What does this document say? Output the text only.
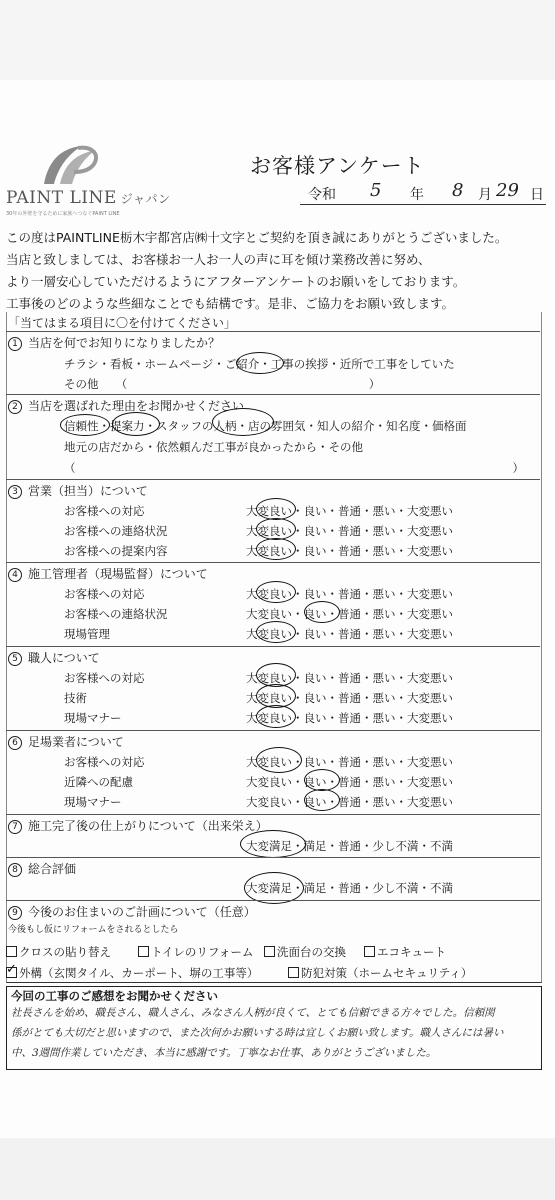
PAINT LINE ジャパン
30年の外壁を守るために家族へつなぐPAINT LINE
お客様アンケート
令和 5 年 8 月 29 日
この度はPAINTLINE栃木宇都宮店㈱十文字とご契約を頂き誠にありがとうございました。
当店と致しましては、お客様お一人お一人の声に耳を傾け業務改善に努め、
より一層安心していただけるようにアフターアンケートのお願いをしております。
工事後のどのような些細なことでも結構です。是非、ご協力をお願い致します。
「当てはまる項目に〇を付けてください」
1 当店を何でお知りになりましたか？
チラシ・看板・ホームページ・ご紹介・工事の挨拶・近所で工事をしていた
その他　　（　　　　　　　　　　　　　　　　　　　　　）
2 当店を選ばれた理由をお聞かせください
信頼性・提案力・スタッフの人柄・店の雰囲気・知人の紹介・知名度・価格面
地元の店だから・依然頼んだ工事が良かったから・その他
（　　　　　　　　　　　　　　　　　　　　　　　　　　　　　　　　　　　　　　）
3 営業（担当）について
お客様への対応	大変良い・良い・普通・悪い・大変悪い
お客様への連絡状況	大変良い・良い・普通・悪い・大変悪い
お客様への提案内容	大変良い・良い・普通・悪い・大変悪い
4 施工管理者（現場監督）について
お客様への対応	大変良い・良い・普通・悪い・大変悪い
お客様への連絡状況	大変良い・良い・普通・悪い・大変悪い
現場管理	大変良い・良い・普通・悪い・大変悪い
5 職人について
お客様への対応	大変良い・良い・普通・悪い・大変悪い
技術	大変良い・良い・普通・悪い・大変悪い
現場マナー	大変良い・良い・普通・悪い・大変悪い
6 足場業者について
お客様への対応	大変良い・良い・普通・悪い・大変悪い
近隣への配慮	大変良い・良い・普通・悪い・大変悪い
現場マナー	大変良い・良い・普通・悪い・大変悪い
7 施工完了後の仕上がりについて（出来栄え）
大変満足・満足・普通・少し不満・不満
8 総合評価
大変満足・満足・普通・少し不満・不満
9 今後のお住まいのご計画について（任意）
今後もし仮にリフォームをされるとしたら
クロスの貼り替え	トイレのリフォーム	洗面台の交換	エコキュート
✓外構（玄関タイル、カーポート、塀の工事等）	防犯対策（ホームセキュリティ）
今回の工事のご感想をお聞かせください
社長さんを始め、職長さん、職人さん、みなさん人柄が良くて、とても信頼できる方々でした。信頼関
係がとても大切だと思いますので、また次何かお願いする時は宜しくお願い致します。職人さんには暑い
中、3週間作業していただき、本当に感謝です。丁寧なお仕事、ありがとうございました。
